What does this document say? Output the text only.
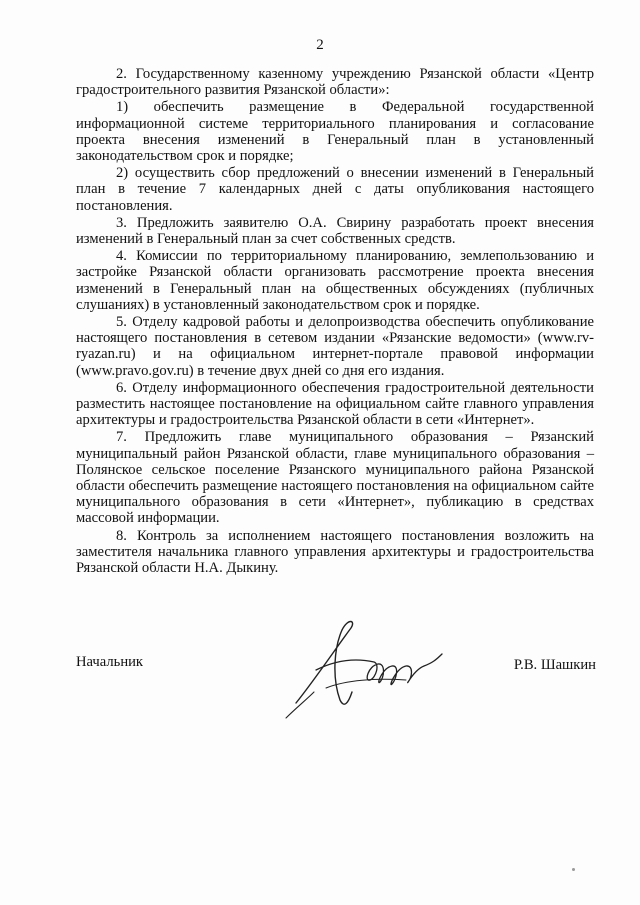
2

2. Государственному казенному учреждению Рязанской области «Центр градостроительного развития Рязанской области»:

1) обеспечить размещение в Федеральной государственной информационной системе территориального планирования и согласование проекта внесения изменений в Генеральный план в установленный законодательством срок и порядке;

2) осуществить сбор предложений о внесении изменений в Генеральный план в течение 7 календарных дней с даты опубликования настоящего постановления.

3. Предложить заявителю О.А. Свирину разработать проект внесения изменений в Генеральный план за счет собственных средств.

4. Комиссии по территориальному планированию, землепользованию и застройке Рязанской области организовать рассмотрение проекта внесения изменений в Генеральный план на общественных обсуждениях (публичных слушаниях) в установленный законодательством срок и порядке.

5. Отделу кадровой работы и делопроизводства обеспечить опубликование настоящего постановления в сетевом издании «Рязанские ведомости» (www.rv-ryazan.ru) и на официальном интернет-портале правовой информации (www.pravo.gov.ru) в течение двух дней со дня его издания.

6. Отделу информационного обеспечения градостроительной деятельности разместить настоящее постановление на официальном сайте главного управления архитектуры и градостроительства Рязанской области в сети «Интернет».

7. Предложить главе муниципального образования – Рязанский муниципальный район Рязанской области, главе муниципального образования – Полянское сельское поселение Рязанского муниципального района Рязанской области обеспечить размещение настоящего постановления на официальном сайте муниципального образования в сети «Интернет», публикацию в средствах массовой информации.

8. Контроль за исполнением настоящего постановления возложить на заместителя начальника главного управления архитектуры и градостроительства Рязанской области Н.А. Дыкину.

Начальник	Р.В. Шашкин
